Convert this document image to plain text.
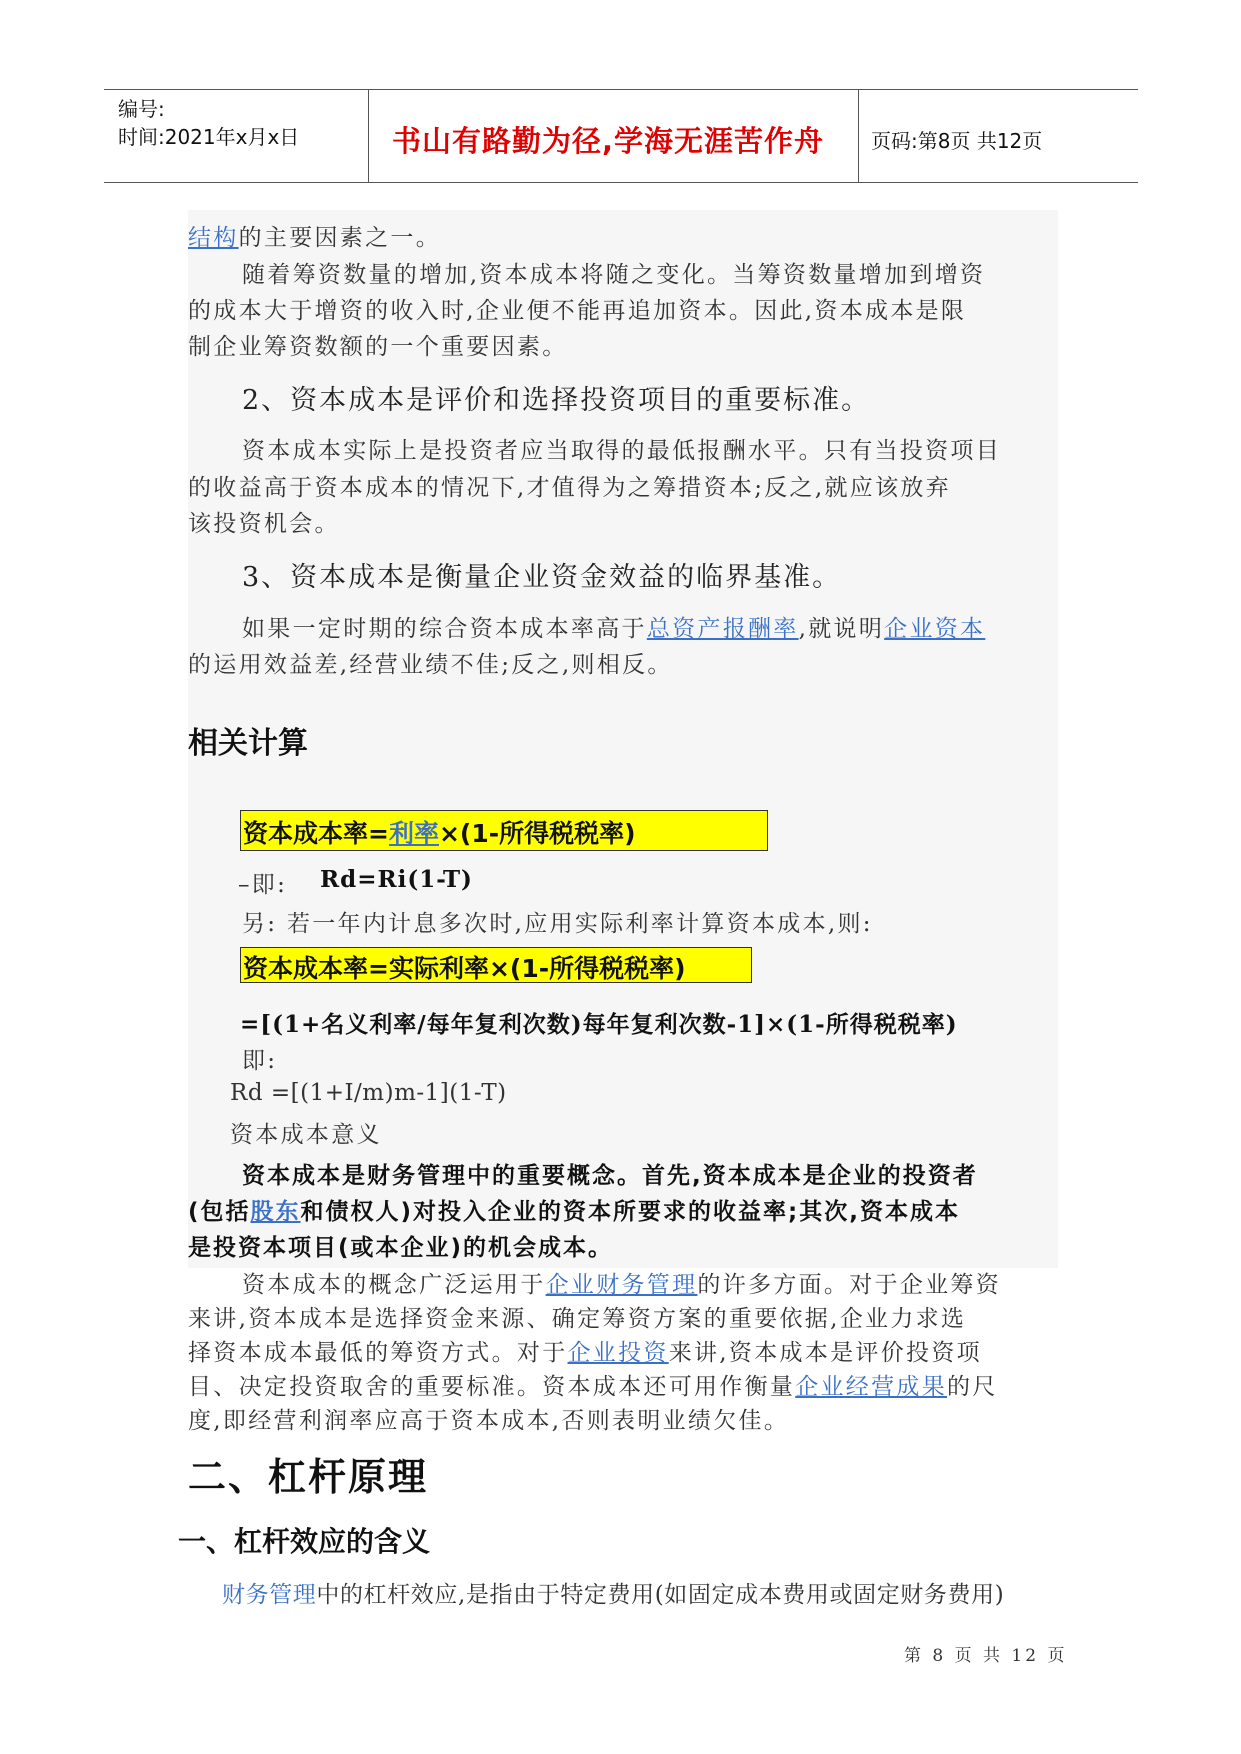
编号:
时间:2021年x月x日	书山有路勤为径,学海无涯苦作舟 页码:第8页 共12页
结构的主要因素之一。
随着筹资数量的增加,资本成本将随之变化。当筹资数量增加到增资
的成本大于增资的收入时,企业便不能再追加资本。因此,资本成本是限
制企业筹资数额的一个重要因素。
2、资本成本是评价和选择投资项目的重要标准。
资本成本实际上是投资者应当取得的最低报酬水平。只有当投资项目
的收益高于资本成本的情况下,才值得为之筹措资本;反之,就应该放弃
该投资机会。
3、资本成本是衡量企业资金效益的临界基准。
如果一定时期的综合资本成本率高于总资产报酬率,就说明企业资本
的运用效益差,经营业绩不佳;反之,则相反。
相关计算
资本成本率=利率×(1-所得税税率)
–即: Rd=Ri(1-T)
另: 若一年内计息多次时,应用实际利率计算资本成本,则:
资本成本率=实际利率×(1-所得税税率)
=[(1+名义利率/每年复利次数)每年复利次数-1]×(1-所得税税率)
即:
Rd =[(1+I/m)m-1](1-T)
资本成本意义
资本成本是财务管理中的重要概念。首先,资本成本是企业的投资者
(包括股东和债权人)对投入企业的资本所要求的收益率;其次,资本成本
是投资本项目(或本企业)的机会成本。
资本成本的概念广泛运用于企业财务管理的许多方面。对于企业筹资
来讲,资本成本是选择资金来源、确定筹资方案的重要依据,企业力求选
择资本成本最低的筹资方式。对于企业投资来讲,资本成本是评价投资项
目、决定投资取舍的重要标准。资本成本还可用作衡量企业经营成果的尺
度,即经营利润率应高于资本成本,否则表明业绩欠佳。
二、杠杆原理
一、杠杆效应的含义
财务管理中的杠杆效应,是指由于特定费用(如固定成本费用或固定财务费用)
第 8 页 共 12 页
